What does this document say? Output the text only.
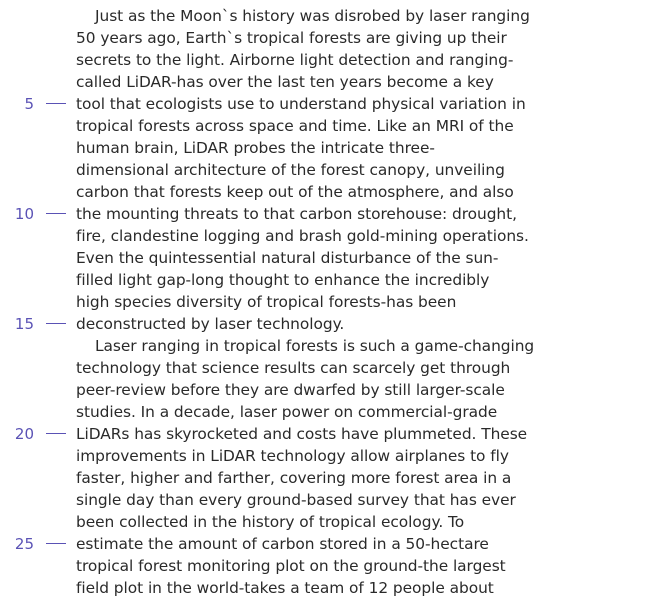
Just as the Moon`s history was disrobed by laser ranging
50 years ago, Earth`s tropical forests are giving up their
secrets to the light. Airborne light detection and ranging-
called LiDAR-has over the last ten years become a key
5	tool that ecologists use to understand physical variation in
tropical forests across space and time. Like an MRI of the
human brain, LiDAR probes the intricate three-
dimensional architecture of the forest canopy, unveiling
carbon that forests keep out of the atmosphere, and also
10	the mounting threats to that carbon storehouse: drought,
fire, clandestine logging and brash gold-mining operations.
Even the quintessential natural disturbance of the sun-
filled light gap-long thought to enhance the incredibly
high species diversity of tropical forests-has been
15	deconstructed by laser technology.
Laser ranging in tropical forests is such a game-changing
technology that science results can scarcely get through
peer-review before they are dwarfed by still larger-scale
studies. In a decade, laser power on commercial-grade
20	LiDARs has skyrocketed and costs have plummeted. These
improvements in LiDAR technology allow airplanes to fly
faster, higher and farther, covering more forest area in a
single day than every ground-based survey that has ever
been collected in the history of tropical ecology. To
25	estimate the amount of carbon stored in a 50-hectare
tropical forest monitoring plot on the ground-the largest
field plot in the world-takes a team of 12 people about
